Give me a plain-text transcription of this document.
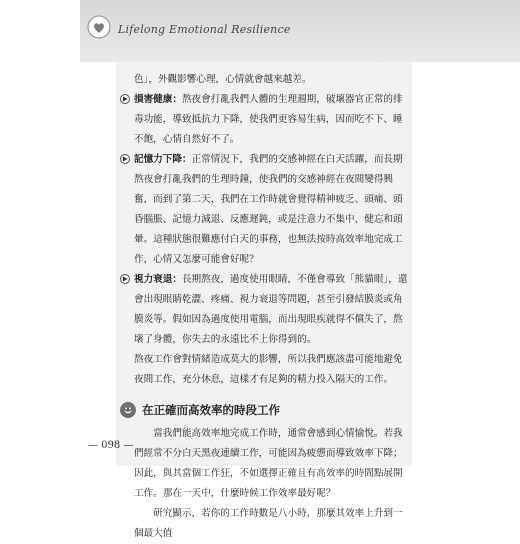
Lifelong Emotional Resilience

色」，外觀影響心理，心情就會越來越差。

損害健康：熬夜會打亂我們人體的生理週期，破壞器官正常的排毒功能，導致抵抗力下降，使我們更容易生病，因而吃不下、睡不飽，心情自然好不了。

記憶力下降：正常情況下，我們的交感神經在白天活躍，而長期熬夜會打亂我們的生理時鐘，使我們的交感神經在夜間變得興奮，而到了第二天，我們在工作時就會覺得精神疲乏、頭痛、頭昏腦脹、記憶力減退、反應遲鈍，或是注意力不集中、健忘和頭暈。這種狀態很難應付白天的事務，也無法按時高效率地完成工作，心情又怎麼可能會好呢？

視力衰退：長期熬夜，過度使用眼睛，不僅會導致「熊貓眼」，還會出現眼睛乾澀、疼痛、視力衰退等問題，甚至引發結膜炎或角膜炎等。假如因為過度使用電腦，而出現眼疾就得不償失了，熬壞了身體，你失去的永遠比不上你得到的。

熬夜工作會對情緒造成莫大的影響，所以我們應該盡可能地避免夜間工作，充分休息，這樣才有足夠的精力投入隔天的工作。

在正確而高效率的時段工作

當我們能高效率地完成工作時，通常會感到心情愉悅。若我們經常不分白天黑夜連續工作，可能因為疲憊而導致效率下降；因此，與其當個工作狂，不如選擇正確且有高效率的時間點展開工作。那在一天中，什麼時候工作效率最好呢？

研究顯示，若你的工作時數是八小時，那麼其效率上升到一個最大值

— 098 —
